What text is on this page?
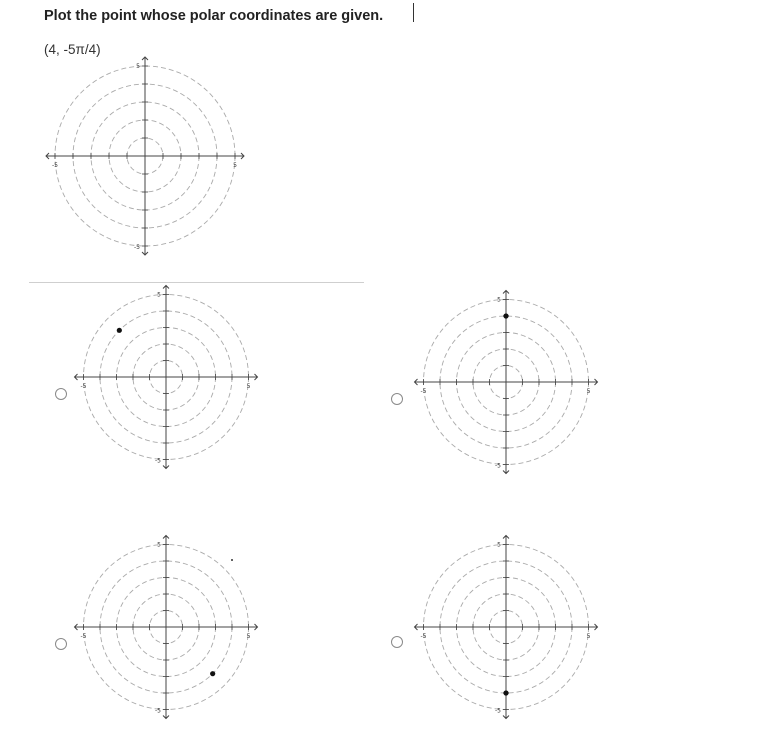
Plot the point whose polar coordinates are given.
(4, -5π/4)
5
-5
5
-5
5
-5
5
-5
5
-5
5
-5
5
-5
5
-5
5
-5
5
-5
